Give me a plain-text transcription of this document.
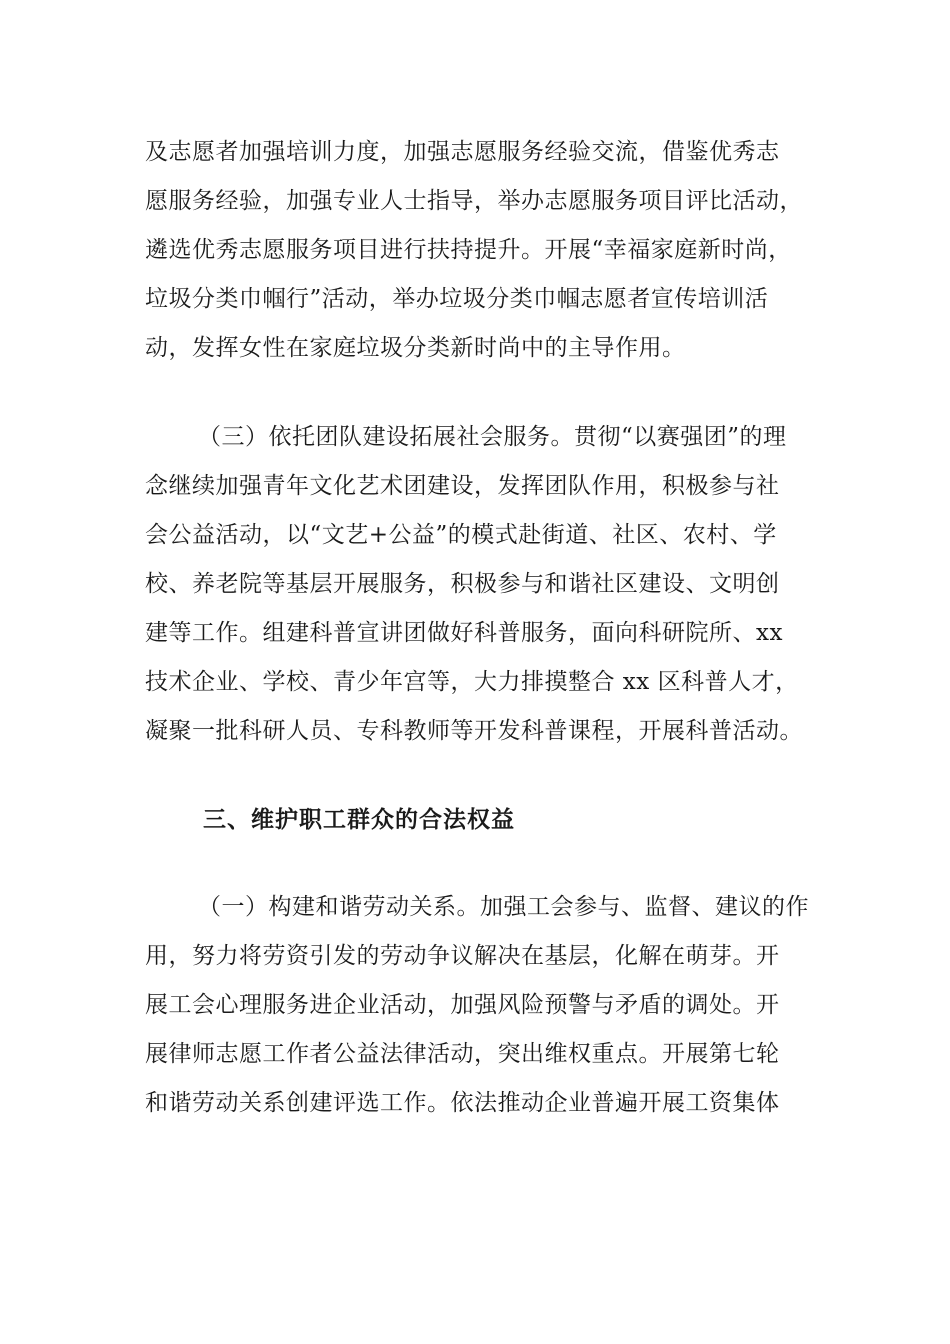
及志愿者加强培训力度，加强志愿服务经验交流，借鉴优秀志
愿服务经验，加强专业人士指导，举办志愿服务项目评比活动，
遴选优秀志愿服务项目进行扶持提升。开展“幸福家庭新时尚，
垃圾分类巾帼行”活动，举办垃圾分类巾帼志愿者宣传培训活
动，发挥女性在家庭垃圾分类新时尚中的主导作用。
（三）依托团队建设拓展社会服务。贯彻“以赛强团”的理
念继续加强青年文化艺术团建设，发挥团队作用，积极参与社
会公益活动，以“文艺+公益”的模式赴街道、社区、农村、学
校、养老院等基层开展服务，积极参与和谐社区建设、文明创
建等工作。组建科普宣讲团做好科普服务，面向科研院所、xx
技术企业、学校、青少年宫等，大力排摸整合 xx 区科普人才，
凝聚一批科研人员、专科教师等开发科普课程，开展科普活动。
三、维护职工群众的合法权益
（一）构建和谐劳动关系。加强工会参与、监督、建议的作
用，努力将劳资引发的劳动争议解决在基层，化解在萌芽。开
展工会心理服务进企业活动，加强风险预警与矛盾的调处。开
展律师志愿工作者公益法律活动，突出维权重点。开展第七轮
和谐劳动关系创建评选工作。依法推动企业普遍开展工资集体
